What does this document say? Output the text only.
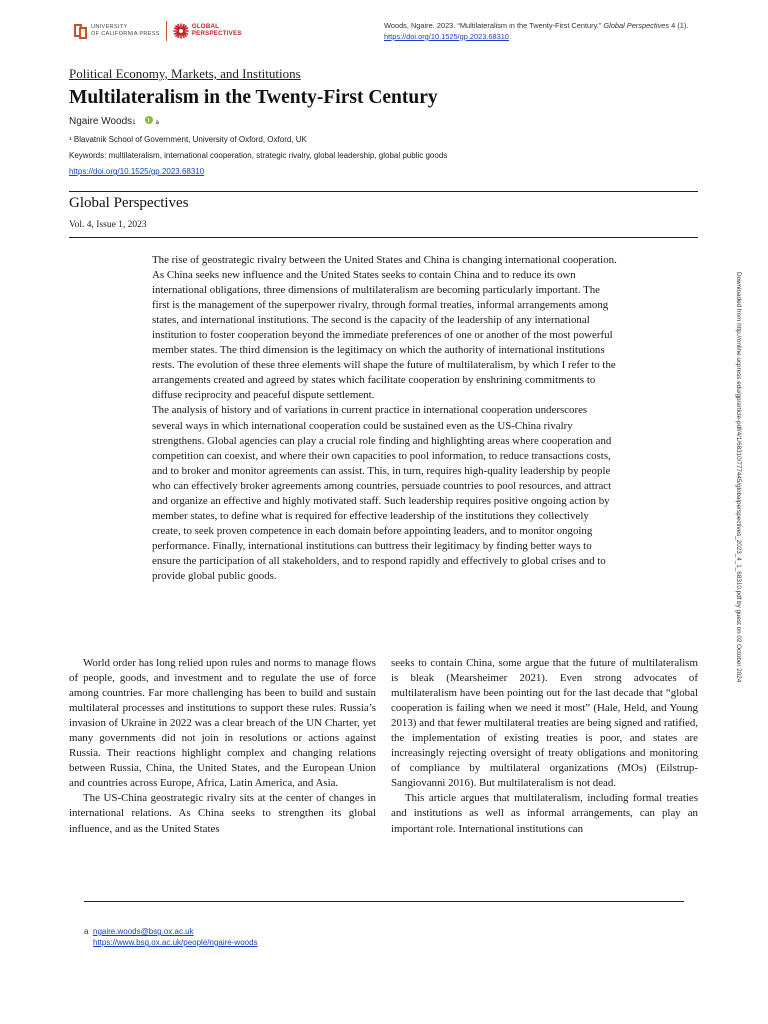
UNIVERSITY
OF CALIFORNIA PRESS
GLOBAL
PERSPECTIVES
Woods, Ngaire. 2023. “Multilateralism in the Twenty-First Century.” Global Perspectives 4 (1). https://doi.org/10.1525/gp.2023.68310.

Political Economy, Markets, and Institutions

Multilateralism in the Twenty-First Century
Ngaire Woods 1	$_a$
¹ Blavatnik School of Government, University of Oxford, Oxford, UK
Keywords: multilateralism, international cooperation, strategic rivalry, global leadership, global public goods
https://doi.org/10.1525/gp.2023.68310

Global Perspectives

Vol. 4, Issue 1, 2023

The rise of geostrategic rivalry between the United States and China is changing international cooperation. As China seeks new influence and the United States seeks to contain China and to reduce its own international obligations, three dimensions of multilateralism are becoming particularly important. The first is the management of the superpower rivalry, through formal treaties, informal arrangements among states, and international institutions. The second is the capacity of the leadership of any international institution to foster cooperation beyond the immediate preferences of one or another of the most powerful member states. The third dimension is the legitimacy on which the authority of international institutions rests. The evolution of these three elements will shape the future of multilateralism, by which I refer to the arrangements created and agreed by states which facilitate cooperation by enshrining commitments to diffuse reciprocity and peaceful dispute settlement.

The analysis of history and of variations in current practice in international cooperation underscores several ways in which international cooperation could be sustained even as the US-China rivalry strengthens. Global agencies can play a crucial role finding and highlighting areas where cooperation and competition can coexist, and where their own capacities to pool information, to reduce transactions costs, and to broker and monitor agreements can assist. This, in turn, requires high-quality leadership by people who can effectively broker agreements among countries, persuade countries to pool resources, and attract and organize an effective and highly motivated staff. Such leadership requires positive ongoing action by member states, to define what is required for effective leadership of the institutions they collectively create, to seek proven competence in each domain before appointing leaders, and to monitor ongoing performance. Finally, international institutions can buttress their legitimacy by finding better ways to ensure the participation of all stakeholders, and to respond rapidly and effectively to global crises and to provide global public goods.

World order has long relied upon rules and norms to manage flows of people, goods, and investment and to regulate the use of force among countries. Far more challenging has been to build and sustain multilateral processes and institutions to support these rules. Russia’s invasion of Ukraine in 2022 was a clear breach of the UN Charter, yet many governments did not join in resolutions or actions against Russia. Their reactions highlight complex and changing relations between Russia, China, the United States, and the European Union and countries across Europe, Africa, Latin America, and Asia.

The US-China geostrategic rivalry sits at the center of changes in international relations. As China seeks to strengthen its global influence, and as the United States

seeks to contain China, some argue that the future of multilateralism is bleak (Mearsheimer 2021). Even strong advocates of multilateralism have been pointing out for the last decade that “global cooperation is failing when we need it most” (Hale, Held, and Young 2013) and that fewer multilateral treaties are being signed and ratified, the implementation of existing treaties is poor, and states are increasingly rejecting oversight of treaty obligations and monitoring of compliance by multilateral organizations (MOs) (Eilstrup-Sangiovanni 2016). But multilateralism is not dead.

This article argues that multilateralism, including formal treaties and institutions as well as informal arrangements, can play an important role. International institutions can

a ngaire.woods@bsg.ox.ac.uk
https://www.bsg.ox.ac.uk/people/ngaire-woods
Downloaded from http://online.ucpress.edu/gp/article-pdf/4/1/68310/777445/globalperspectives_2023_4_1_68310.pdf by guest on 02 October 2024
